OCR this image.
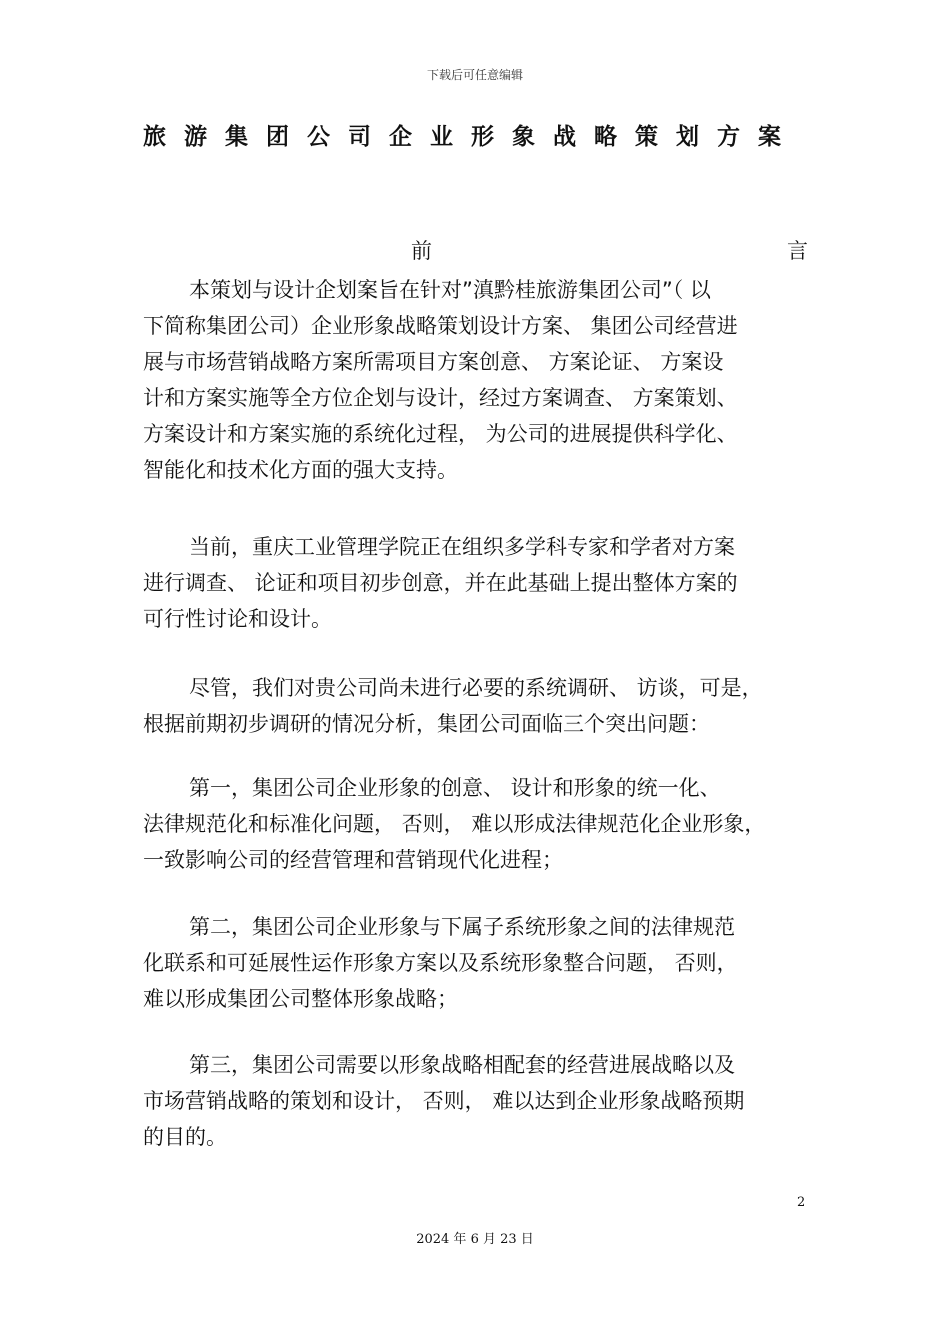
下载后可任意编辑
旅游集团公司企业形象战略策划方案
前	言
本策划与设计企划案旨在针对”滇黔桂旅游集团公司”（ 以
下简称集团公司）企业形象战略策划设计方案、 集团公司经营进
展与市场营销战略方案所需项目方案创意、 方案论证、 方案设
计和方案实施等全方位企划与设计，经过方案调查、 方案策划、
方案设计和方案实施的系统化过程， 为公司的进展提供科学化、
智能化和技术化方面的强大支持。
当前，重庆工业管理学院正在组织多学科专家和学者对方案
进行调查、 论证和项目初步创意，并在此基础上提出整体方案的
可行性讨论和设计。
尽管，我们对贵公司尚未进行必要的系统调研、 访谈，可是，
根据前期初步调研的情况分析，集团公司面临三个突出问题：
第一，集团公司企业形象的创意、 设计和形象的统一化、
法律规范化和标准化问题， 否则， 难以形成法律规范化企业形象，
一致影响公司的经营管理和营销现代化进程；
第二，集团公司企业形象与下属子系统形象之间的法律规范
化联系和可延展性运作形象方案以及系统形象整合问题， 否则，
难以形成集团公司整体形象战略；
第三，集团公司需要以形象战略相配套的经营进展战略以及
市场营销战略的策划和设计， 否则， 难以达到企业形象战略预期
的目的。
2
2024 年 6 月 23 日
